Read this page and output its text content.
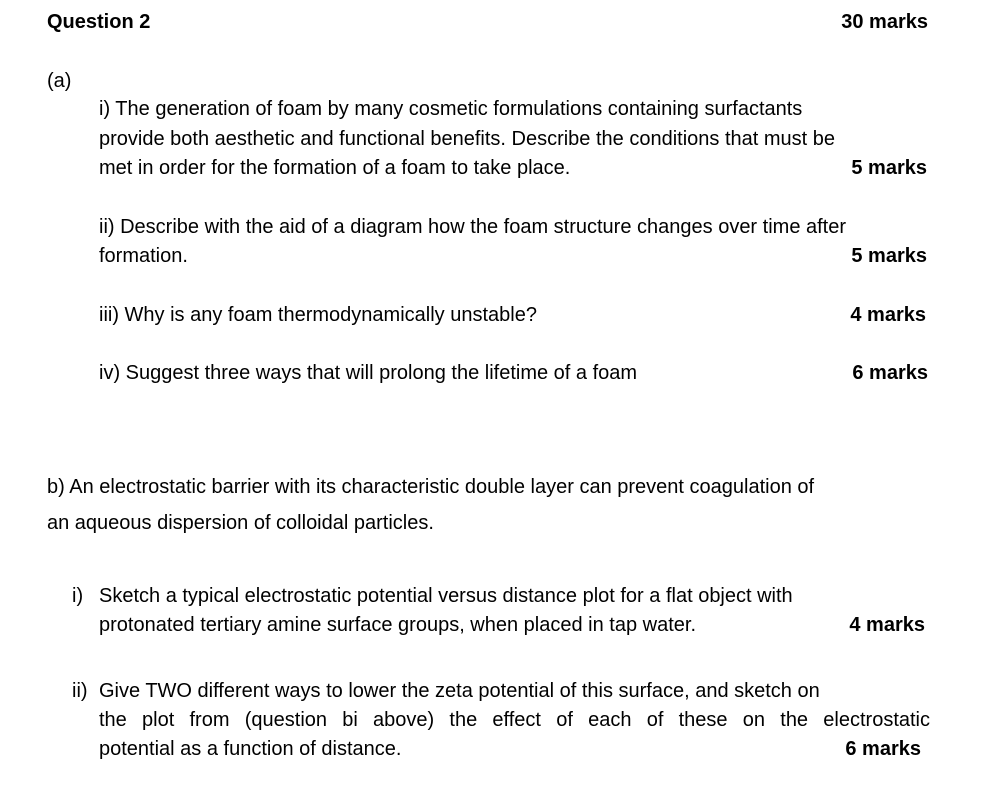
Question 2	30 marks
(a)
i) The generation of foam by many cosmetic formulations containing surfactants
provide both aesthetic and functional benefits. Describe the conditions that must be
met in order for the formation of a foam to take place.	5 marks
ii) Describe with the aid of a diagram how the foam structure changes over time after
formation.	5 marks
iii) Why is any foam thermodynamically unstable?	4 marks
iv) Suggest three ways that will prolong the lifetime of a foam	6 marks
b) An electrostatic barrier with its characteristic double layer can prevent coagulation of
an aqueous dispersion of colloidal particles.
i) Sketch a typical electrostatic potential versus distance plot for a flat object with
protonated tertiary amine surface groups, when placed in tap water.	4 marks
ii) Give TWO different ways to lower the zeta potential of this surface, and sketch on
the plot from (question bi above) the effect of each of these on the electrostatic
potential as a function of distance.	6 marks
